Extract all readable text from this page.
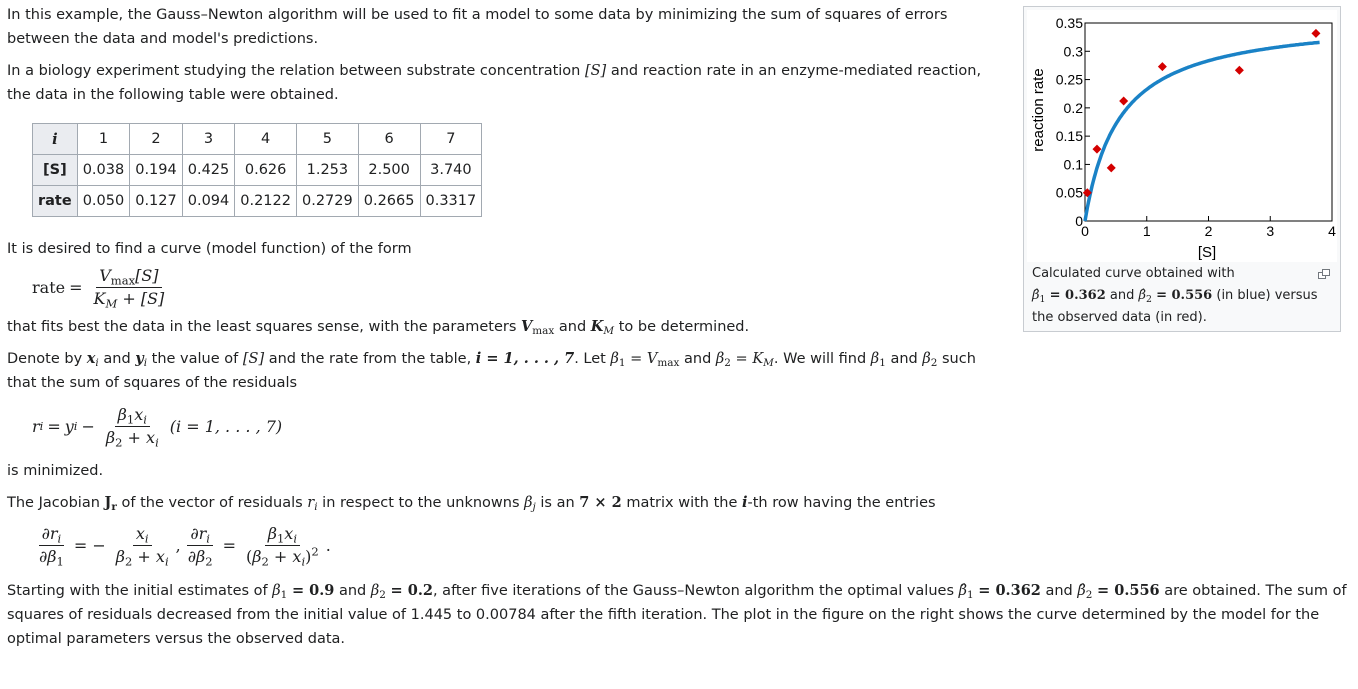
In this example, the Gauss–Newton algorithm will be used to fit a model to some data by minimizing the sum of squares of errors between the data and model's predictions.

In a biology experiment studying the relation between substrate concentration [S] and reaction rate in an enzyme-mediated reaction, the data in the following table were obtained.

i	1	2	3	4	5	6	7
[S]	0.038	0.194	0.425	0.626	1.253	2.500	3.740
rate	0.050	0.127	0.094	0.2122	0.2729	0.2665	0.3317

It is desired to find a curve (model function) of the form

rate = $\frac{V_{max}[S]}{K_M + [S]}$

that fits best the data in the least squares sense, with the parameters $V_{max}$ and $K_M$ to be determined.

Denote by $x_i$ and $y_i$ the value of [S] and the rate from the table, i = 1, . . . , 7. Let $\beta_1 = V_{max}$ and $\beta_2 = K_M$. We will find $\beta_1$ and $\beta_2$ such that the sum of squares of the residuals

r i = y $i - \frac{\beta_1x_i}{\beta_2 + x_i} (i = 1$, . . . , 7)

is minimized.

The Jacobian $J_r$ of the vector of residuals $r_i$ in respect to the unknowns $\beta_j$ is an 7 × 2 matrix with the i-th row having the entries

$\frac{\partial r_i}{\partial\beta_1}$ = − $\frac{x_i}{\beta_2 + x_i}$ , $\frac{\partial r_i}{\partial\beta_2} = \frac{\beta_1x_i}{(\beta_2 + x_i)^2}$ .

Starting with the initial estimates of $\beta_1 = 0.9$ and $\beta_2 = 0.2$, after five iterations of the Gauss–Newton algorithm the optimal values $\betâ_1 = 0.362$ and $\betâ_2 = 0.556$ are obtained. The sum of squares of residuals decreased from the initial value of 1.445 to 0.00784 after the fifth iteration. The plot in the figure on the right shows the curve determined by the model for the optimal parameters versus the observed data.

0	1	2	3	4
0
0.05
0.1
0.15
0.2
0.25
0.3
0.35
[S]
reaction rate
Calculated curve obtained with
$\betâ_1 = 0.362$ and $\betâ_2 = 0.556$ (in blue) versus the observed data (in red).
